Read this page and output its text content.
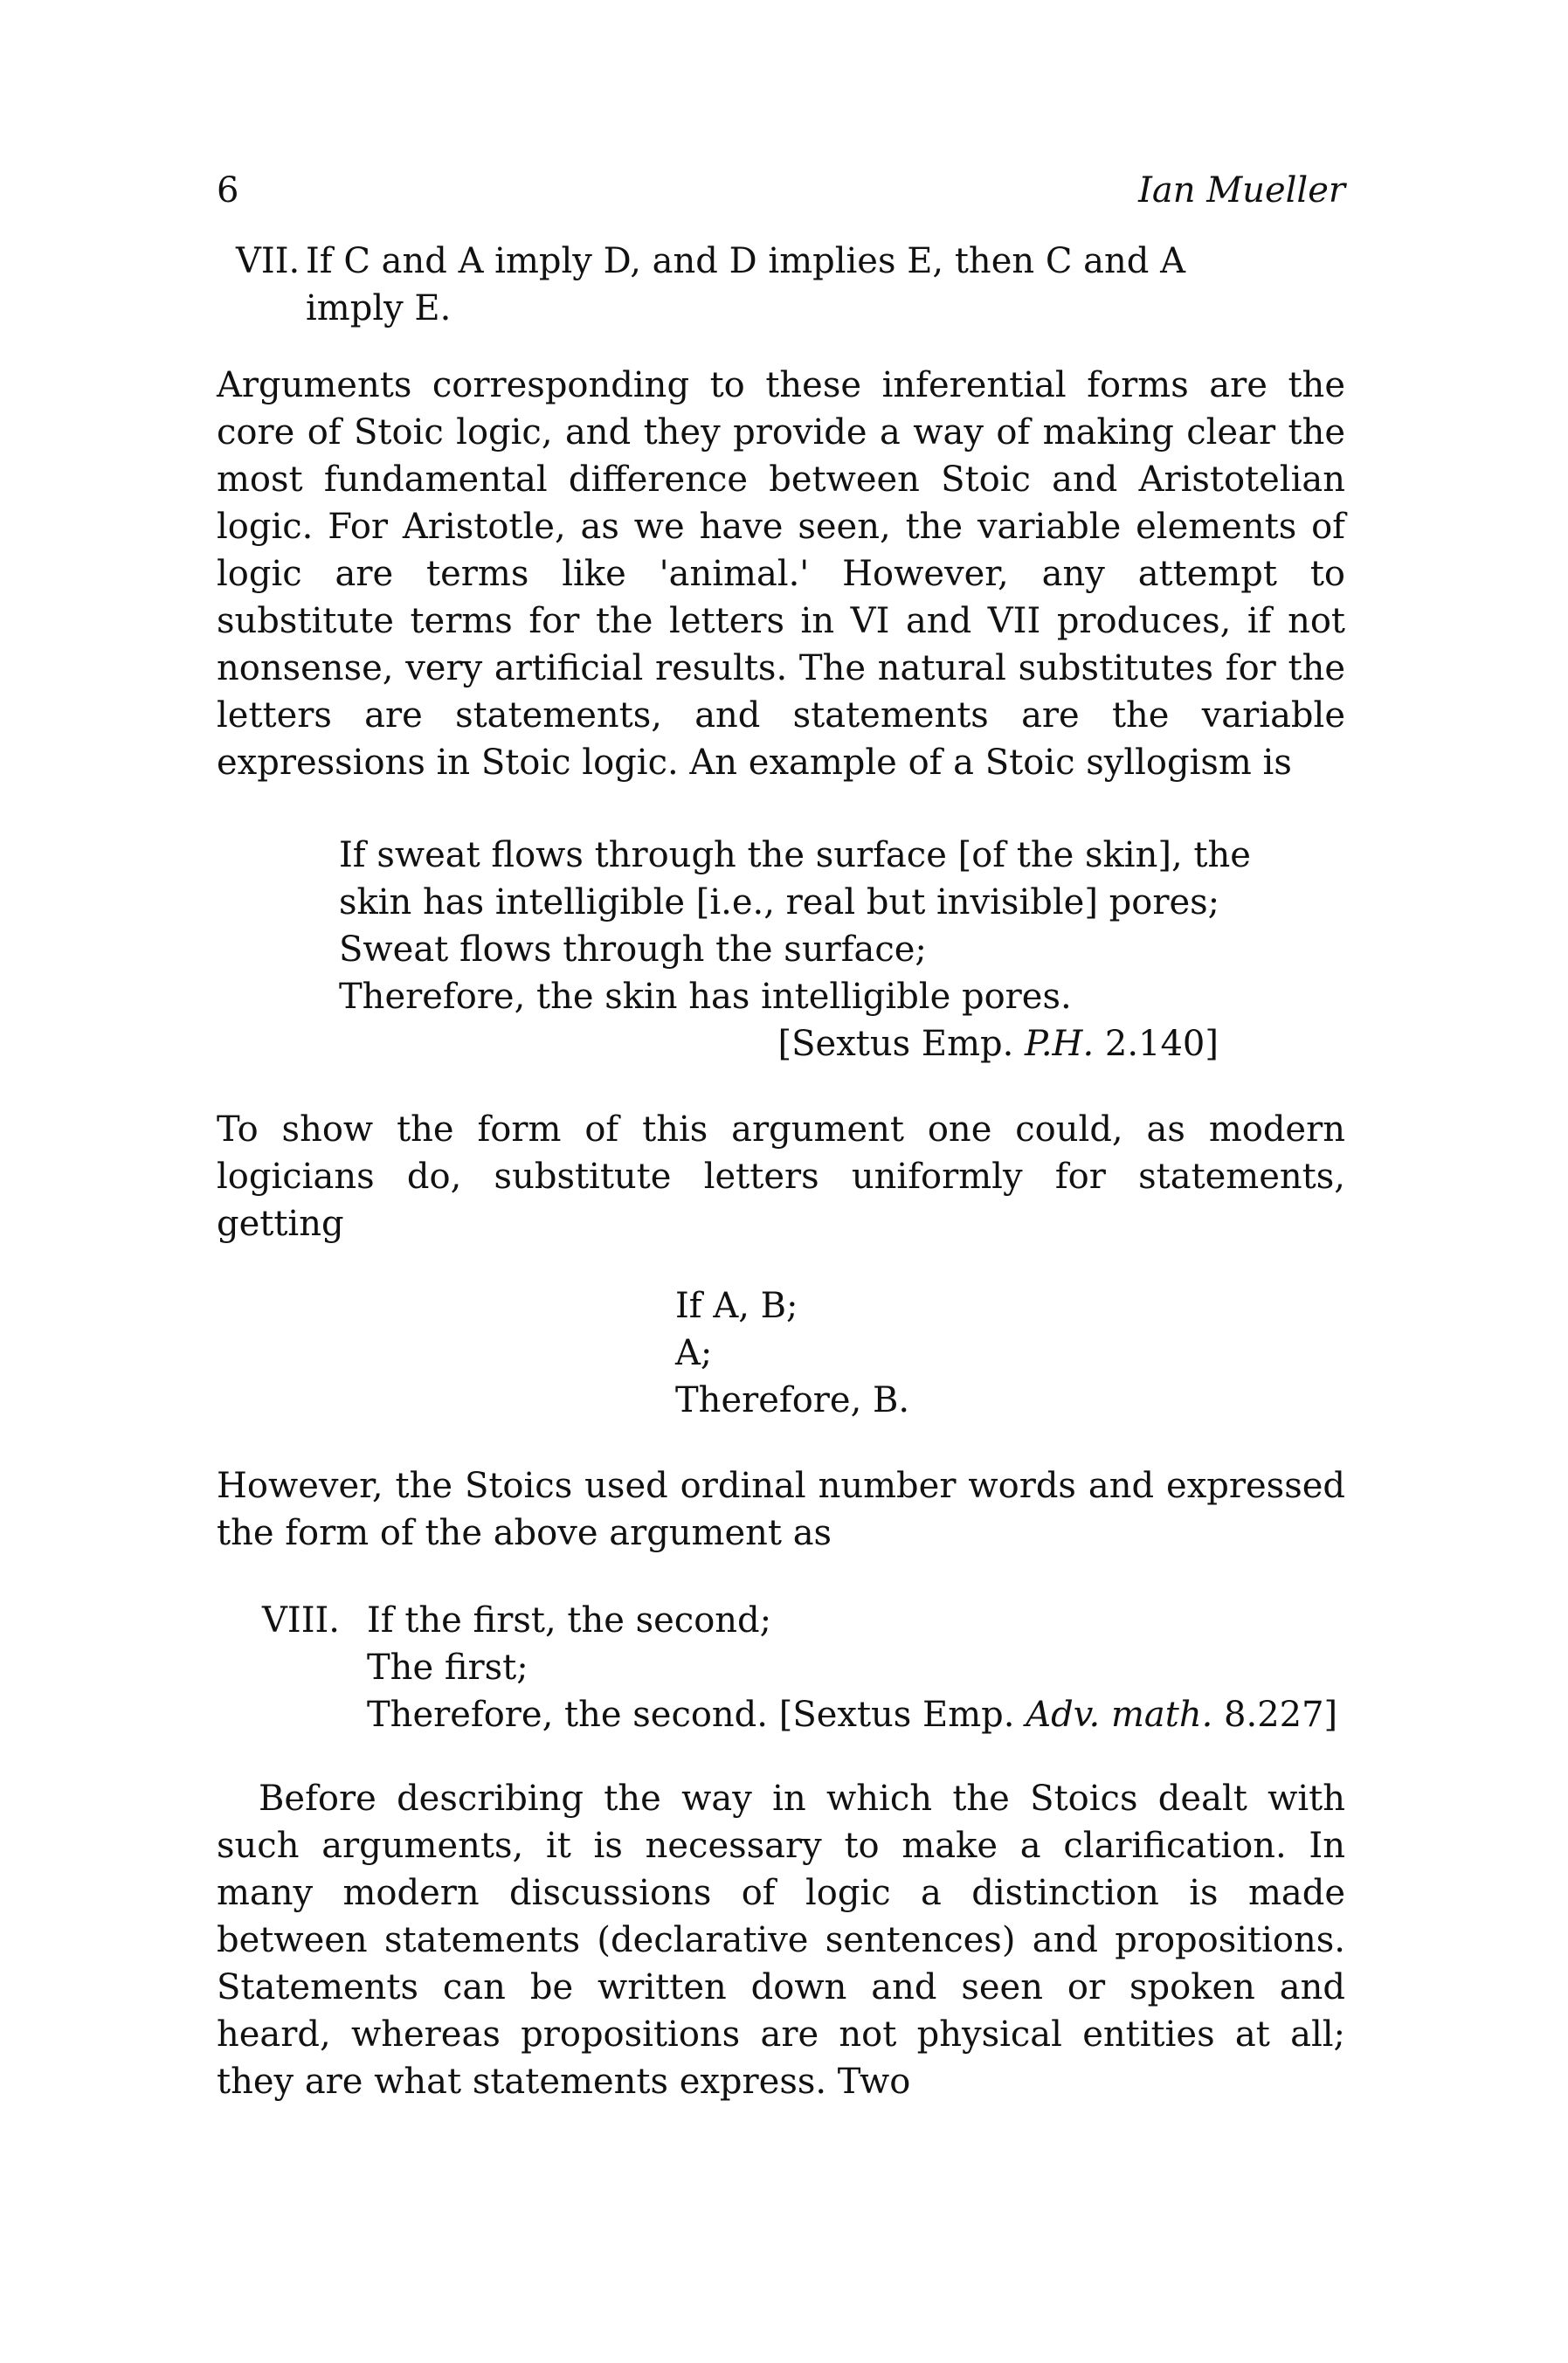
6	Ian Mueller
VII. If C and A imply D, and D implies E, then C and A
imply E.

Arguments corresponding to these inferential forms are the core of Stoic logic, and they provide a way of making clear the most fundamental difference between Stoic and Aristotelian logic. For Aristotle, as we have seen, the variable elements of logic are terms like 'animal.' However, any attempt to substitute terms for the letters in VI and VII produces, if not nonsense, very artificial results. The natural substitutes for the letters are statements, and statements are the variable expressions in Stoic logic. An example of a Stoic syllogism is

If sweat flows through the surface [of the skin], the
skin has intelligible [i.e., real but invisible] pores;
Sweat flows through the surface;
Therefore, the skin has intelligible pores.
[Sextus Emp. P.H. 2.140]

To show the form of this argument one could, as modern logicians do, substitute letters uniformly for statements, getting

If A, B;
A;
Therefore, B.

However, the Stoics used ordinal number words and expressed the form of the above argument as

VIII. If the first, the second;
The first;
Therefore, the second. [Sextus Emp. Adv. math. 8.227]

Before describing the way in which the Stoics dealt with such arguments, it is necessary to make a clarification. In many modern discussions of logic a distinction is made between statements (declarative sentences) and propositions. Statements can be written down and seen or spoken and heard, whereas propositions are not physical entities at all; they are what statements express. Two
